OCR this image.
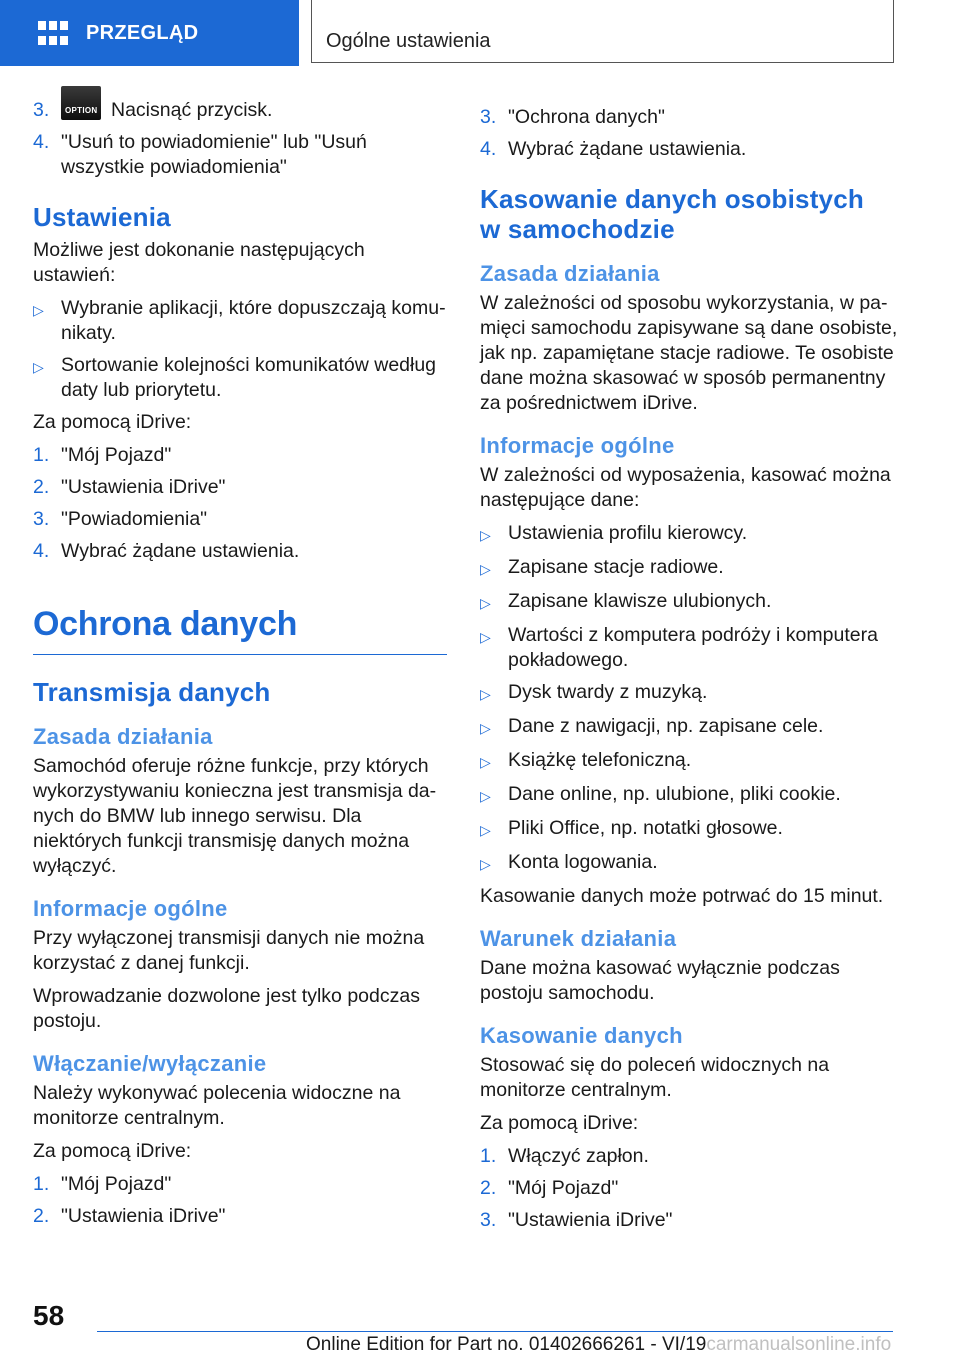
PRZEGLĄD	Ogólne ustawienia
3.	OPTION Nacisnąć przycisk.
4. "Usuń to powiadomienie" lub "Usuń wszystkie powiadomienia"
Ustawienia

Możliwe jest dokonanie następujących ustawień:

▷ Wybranie aplikacji, które dopuszczają komunikaty.
▷ Sortowanie kolejności komunikatów według daty lub priorytetu.

Za pomocą iDrive:

1. "Mój Pojazd"
2. "Ustawienia iDrive"
3. "Powiadomienia"
4. Wybrać żądane ustawienia.
Ochrona danych
Transmisja danych
Zasada działania

Samochód oferuje różne funkcje, przy których wykorzystywaniu konieczna jest transmisja danych do BMW lub innego serwisu. Dla niektórych funkcji transmisję danych można wyłączyć.

Informacje ogólne

Przy wyłączonej transmisji danych nie można korzystać z danej funkcji.

Wprowadzanie dozwolone jest tylko podczas postoju.

Włączanie/wyłączanie

Należy wykonywać polecenia widoczne na monitorze centralnym.

Za pomocą iDrive:

1. "Mój Pojazd"
2. "Ustawienia iDrive"
3. "Ochrona danych"
4. Wybrać żądane ustawienia.
Kasowanie danych osobistych w samochodzie
Zasada działania

W zależności od sposobu wykorzystania, w pamięci samochodu zapisywane są dane osobiste, jak np. zapamiętane stacje radiowe. Te osobiste dane można skasować w sposób permanentny za pośrednictwem iDrive.

Informacje ogólne

W zależności od wyposażenia, kasować można następujące dane:

▷ Ustawienia profilu kierowcy.
▷ Zapisane stacje radiowe.
▷ Zapisane klawisze ulubionych.
▷ Wartości z komputera podróży i komputera pokładowego.
▷ Dysk twardy z muzyką.
▷ Dane z nawigacji, np. zapisane cele.
▷ Książkę telefoniczną.
▷ Dane online, np. ulubione, pliki cookie.
▷ Pliki Office, np. notatki głosowe.
▷ Konta logowania.

Kasowanie danych może potrwać do 15 minut.

Warunek działania

Dane można kasować wyłącznie podczas postoju samochodu.

Kasowanie danych

Stosować się do poleceń widocznych na monitorze centralnym.

Za pomocą iDrive:

1. Włączyć zapłon.
2. "Mój Pojazd"
3. "Ustawienia iDrive"
58
Online Edition for Part no. 01402666261 - VI/19carmanualsonline.info
